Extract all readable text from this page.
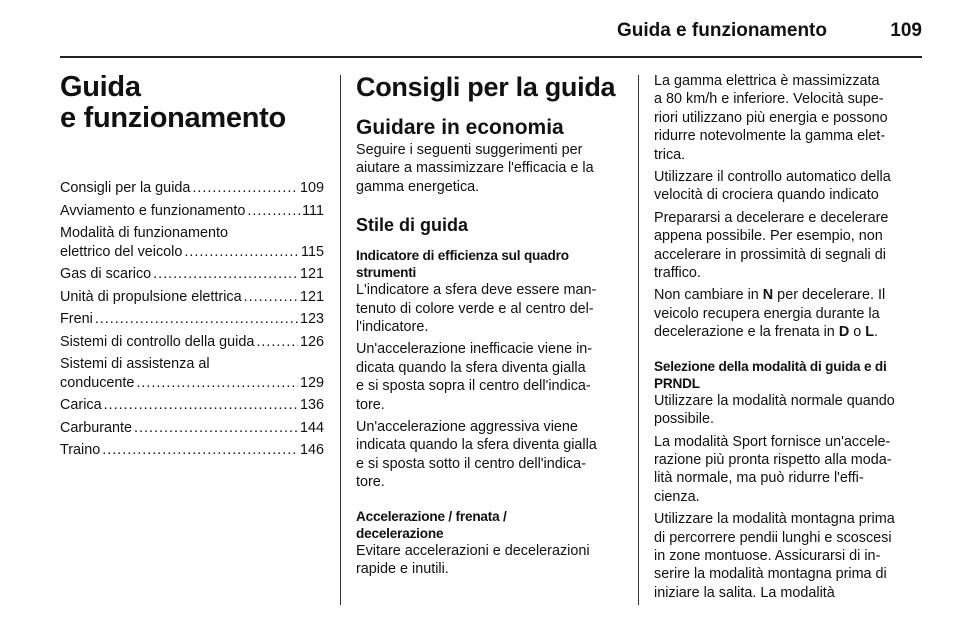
Guida e funzionamento	109
Guida
e funzionamento
Consigli per la guida .....	109
Avviamento e funzionamento .....	111
Modalità di funzionamento
elettrico del veicolo .....	115
Gas di scarico .....	121
Unità di propulsione elettrica .....	121
Freni .....	123
Sistemi di controllo della guida .....	126
Sistemi di assistenza al
conducente .....	129
Carica .....	136
Carburante .....	144
Traino .....	146
Consigli per la guida
Guidare in economia
Seguire i seguenti suggerimenti per
aiutare a massimizzare l'efficacia e la
gamma energetica.
Stile di guida
Indicatore di efficienza sul quadro
strumenti
L'indicatore a sfera deve essere man-
tenuto di colore verde e al centro del-
l'indicatore.
Un'accelerazione inefficacie viene in-
dicata quando la sfera diventa gialla
e si sposta sopra il centro dell'indica-
tore.
Un'accelerazione aggressiva viene
indicata quando la sfera diventa gialla
e si sposta sotto il centro dell'indica-
tore.
Accelerazione / frenata /
decelerazione
Evitare accelerazioni e decelerazioni
rapide e inutili.
La gamma elettrica è massimizzata
a 80 km/h e inferiore. Velocità supe-
riori utilizzano più energia e possono
ridurre notevolmente la gamma elet-
trica.
Utilizzare il controllo automatico della
velocità di crociera quando indicato
Prepararsi a decelerare e decelerare
appena possibile. Per esempio, non
accelerare in prossimità di segnali di
traffico.
Non cambiare in N per decelerare. Il
veicolo recupera energia durante la
decelerazione e la frenata in D o L.
Selezione della modalità di guida e di
PRNDL
Utilizzare la modalità normale quando
possibile.
La modalità Sport fornisce un'accele-
razione più pronta rispetto alla moda-
lità normale, ma può ridurre l'effi-
cienza.
Utilizzare la modalità montagna prima
di percorrere pendii lunghi e scoscesi
in zone montuose. Assicurarsi di in-
serire la modalità montagna prima di
iniziare la salita. La modalità
